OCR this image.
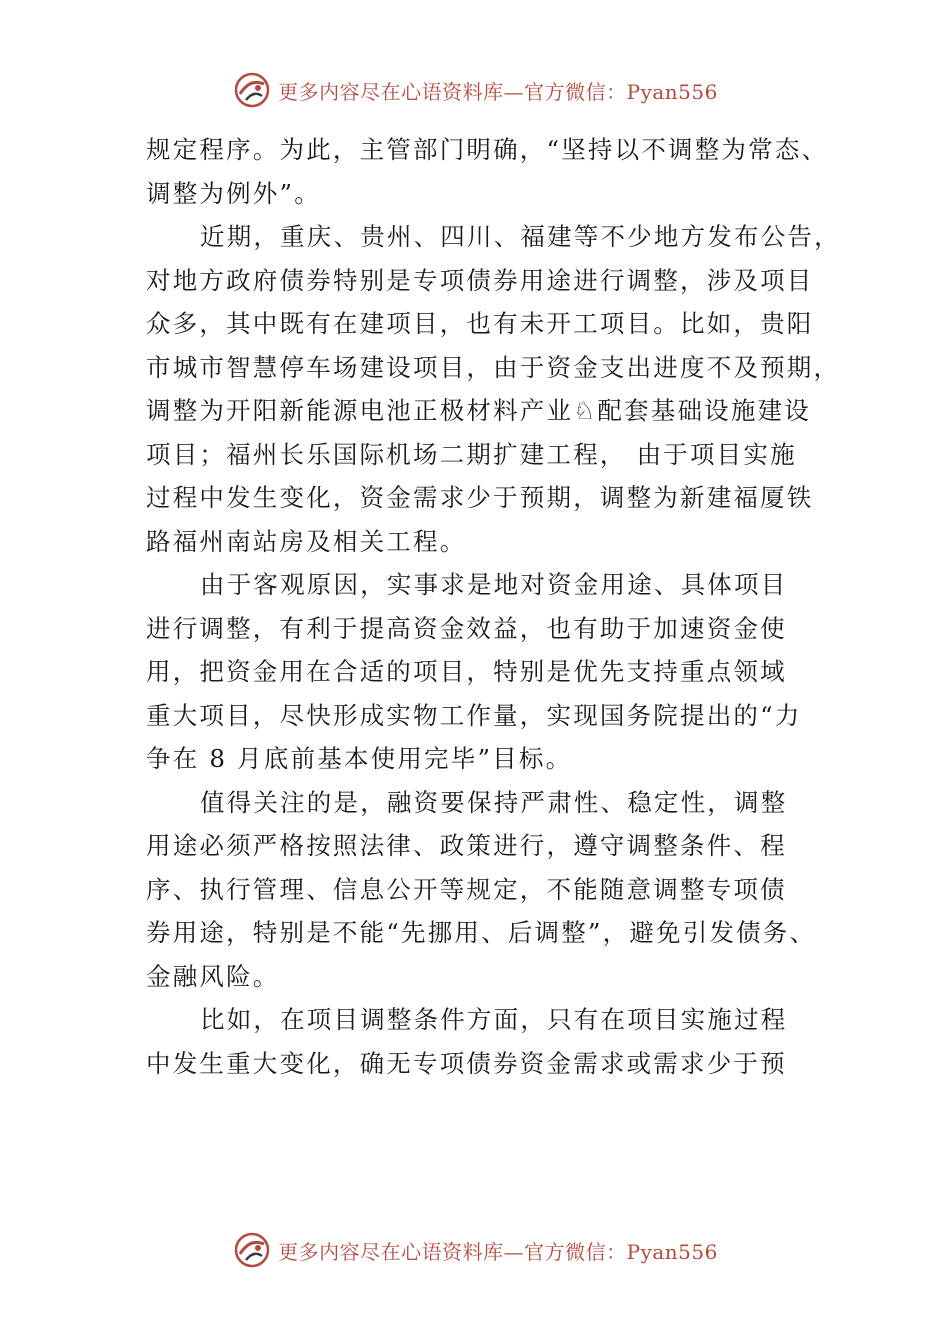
更多内容尽在心语资料库—官方微信：Pyan556
规定程序。为此，主管部门明确，“坚持以不调整为常态、
调整为例外”。
近期，重庆、贵州、四川、福建等不少地方发布公告，
对地方政府债券特别是专项债券用途进行调整，涉及项目
众多，其中既有在建项目，也有未开工项目。比如，贵阳
市城市智慧停车场建设项目，由于资金支出进度不及预期，
调整为开阳新能源电池正极材料产业♘配套基础设施建设
项目；福州长乐国际机场二期扩建工程， 由于项目实施
过程中发生变化，资金需求少于预期，调整为新建福厦铁
路福州南站房及相关工程。
由于客观原因，实事求是地对资金用途、具体项目
进行调整，有利于提高资金效益，也有助于加速资金使
用，把资金用在合适的项目，特别是优先支持重点领域
重大项目，尽快形成实物工作量，实现国务院提出的“力
争在 8 月底前基本使用完毕”目标。
值得关注的是，融资要保持严肃性、稳定性，调整
用途必须严格按照法律、政策进行，遵守调整条件、程
序、执行管理、信息公开等规定，不能随意调整专项债
券用途，特别是不能“先挪用、后调整”，避免引发债务、
金融风险。
比如，在项目调整条件方面，只有在项目实施过程
中发生重大变化，确无专项债券资金需求或需求少于预
更多内容尽在心语资料库—官方微信：Pyan556
